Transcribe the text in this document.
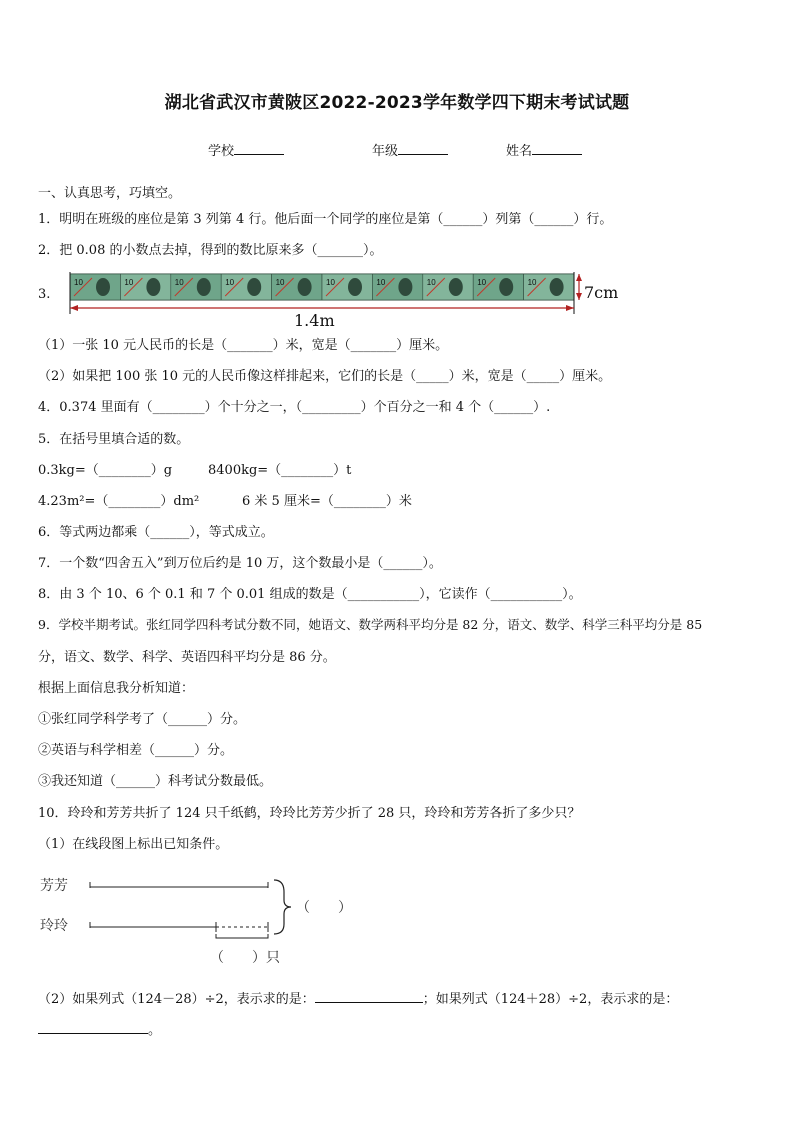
湖北省武汉市黄陂区2022-2023学年数学四下期末考试试题
学校	年级	姓名
一、认真思考，巧填空。
1．明明在班级的座位是第 3 列第 4 行。他后面一个同学的座位是第（______）列第（______）行。
2．把 0.08 的小数点去掉，得到的数比原来多（_______）。
3.
10	10	10	10	10	10	10	10	10	10
1.4m
7cm
（1）一张 10 元人民币的长是（_______）米，宽是（_______）厘米。
（2）如果把 100 张 10 元的人民币像这样排起来，它们的长是（_____）米，宽是（_____）厘米。
4．0.374 里面有（________）个十分之一，（_________）个百分之一和 4 个（______）.
5．在括号里填合适的数。
0.3kg=（________）g	8400kg=（________）t
4.23m²=（________）dm²	6 米 5 厘米=（________）米
6．等式两边都乘（______），等式成立。
7．一个数“四舍五入”到万位后约是 10 万，这个数最小是（______）。
8．由 3 个 10、6 个 0.1 和 7 个 0.01 组成的数是（___________），它读作（___________）。
9．学校半期考试。张红同学四科考试分数不同，她语文、数学两科平均分是 82 分，语文、数学、科学三科平均分是 85
分，语文、数学、科学、英语四科平均分是 86 分。
根据上面信息我分析知道：
①张红同学科学考了（______）分。
②英语与科学相差（______）分。
③我还知道（______）科考试分数最低。
10．玲玲和芳芳共折了 124 只千纸鹤，玲玲比芳芳少折了 28 只，玲玲和芳芳各折了多少只？
（1）在线段图上标出已知条件。
芳芳
玲玲
（　　）只
（　　）
（2）如果列式（124－28）÷2，表示求的是：	；如果列式（124＋28）÷2，表示求的是：
。
